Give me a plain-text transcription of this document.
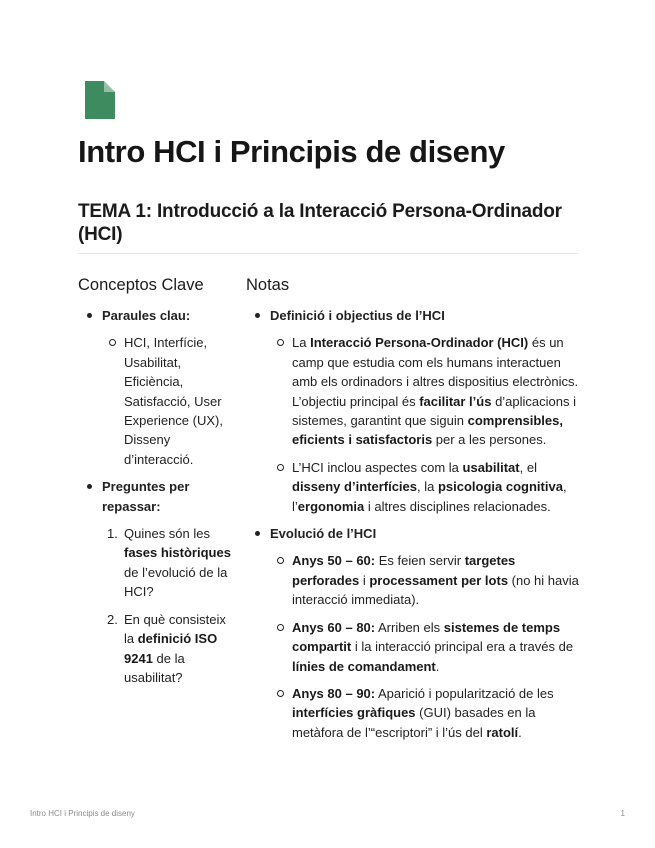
Intro HCI i Principis de diseny
TEMA 1: Introducció a la Interacció Persona-Ordinador (HCI)
Conceptos Clave
Paraules clau:
HCI, Interfície, Usabilitat, Eficiència, Satisfacció, User Experience (UX), Disseny d’interacció.
Preguntes per repassar:
1. Quines són les fases històriques de l’evolució de la HCI?
2. En què consisteix la definició ISO 9241 de la usabilitat?
Notas
Definició i objectius de l’HCI
La Interacció Persona-Ordinador (HCI) és un camp que estudia com els humans interactuen amb els ordinadors i altres dispositius electrònics. L’objectiu principal és facilitar l’ús d’aplicacions i sistemes, garantint que siguin comprensibles, eficients i satisfactoris per a les persones.
L’HCI inclou aspectes com la usabilitat, el disseny d’interfícies, la psicologia cognitiva, l’ergonomia i altres disciplines relacionades.
Evolució de l’HCI
Anys 50 – 60: Es feien servir targetes perforades i processament per lots (no hi havia interacció immediata).
Anys 60 – 80: Arriben els sistemes de temps compartit i la interacció principal era a través de línies de comandament.
Anys 80 – 90: Aparició i popularització de les interfícies gràfiques (GUI) basades en la metàfora de l’“escriptori” i l’ús del ratolí.
Intro HCI i Principis de diseny	1
